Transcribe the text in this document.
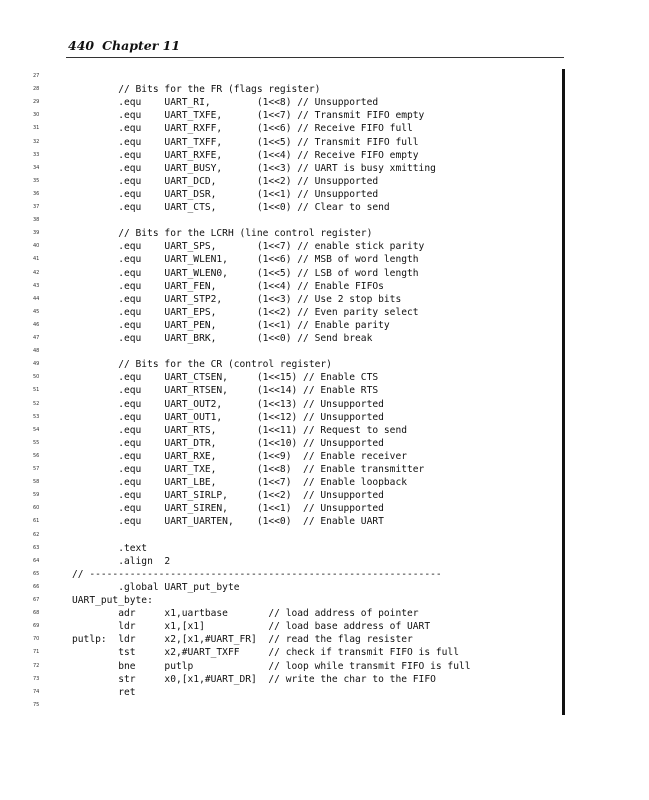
440 Chapter 11
27
28	// Bits for the FR (flags register)
29	.equ    UART_RI,        (1<<8) // Unsupported
30	.equ    UART_TXFE,      (1<<7) // Transmit FIFO empty
31	.equ    UART_RXFF,      (1<<6) // Receive FIFO full
32	.equ    UART_TXFF,      (1<<5) // Transmit FIFO full
33	.equ    UART_RXFE,      (1<<4) // Receive FIFO empty
34	.equ    UART_BUSY,      (1<<3) // UART is busy xmitting
35	.equ    UART_DCD,       (1<<2) // Unsupported
36	.equ    UART_DSR,       (1<<1) // Unsupported
37	.equ    UART_CTS,       (1<<0) // Clear to send
38
39	// Bits for the LCRH (line control register)
40	.equ    UART_SPS,       (1<<7) // enable stick parity
41	.equ    UART_WLEN1,     (1<<6) // MSB of word length
42	.equ    UART_WLEN0,     (1<<5) // LSB of word length
43	.equ    UART_FEN,       (1<<4) // Enable FIFOs
44	.equ    UART_STP2,      (1<<3) // Use 2 stop bits
45	.equ    UART_EPS,       (1<<2) // Even parity select
46	.equ    UART_PEN,       (1<<1) // Enable parity
47	.equ    UART_BRK,       (1<<0) // Send break
48
49	// Bits for the CR (control register)
50	.equ    UART_CTSEN,     (1<<15) // Enable CTS
51	.equ    UART_RTSEN,     (1<<14) // Enable RTS
52	.equ    UART_OUT2,      (1<<13) // Unsupported
53	.equ    UART_OUT1,      (1<<12) // Unsupported
54	.equ    UART_RTS,       (1<<11) // Request to send
55	.equ    UART_DTR,       (1<<10) // Unsupported
56	.equ    UART_RXE,       (1<<9)  // Enable receiver
57	.equ    UART_TXE,       (1<<8)  // Enable transmitter
58	.equ    UART_LBE,       (1<<7)  // Enable loopback
59	.equ    UART_SIRLP,     (1<<2)  // Unsupported
60	.equ    UART_SIREN,     (1<<1)  // Unsupported
61	.equ    UART_UARTEN,    (1<<0)  // Enable UART
62
63	.text
64	.align  2
65	// -------------------------------------------------------------
66	.global UART_put_byte
67	UART_put_byte:
68	adr     x1,uartbase       // load address of pointer
69	ldr     x1,[x1]           // load base address of UART
70	putlp:  ldr     x2,[x1,#UART_FR]  // read the flag resister
71	tst     x2,#UART_TXFF     // check if transmit FIFO is full
72	bne     putlp             // loop while transmit FIFO is full
73	str     x0,[x1,#UART_DR]  // write the char to the FIFO
74	ret
75
